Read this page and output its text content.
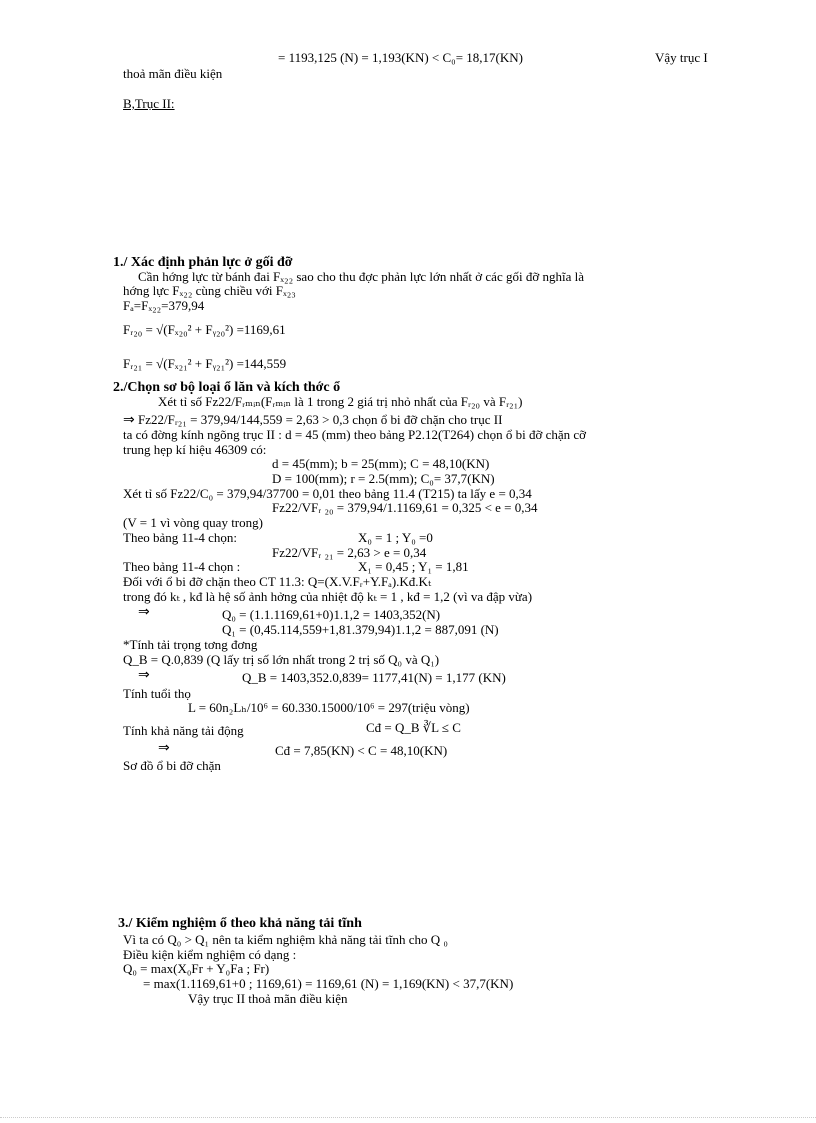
= 1193,125 (N) = 1,193(KN) < C₀= 18,17(KN)	Vậy trục I
thoả mãn điều kiện
B,Trục II:
1./ Xác định phản lực ở gối đỡ
Cần hớng lực từ bánh đai Fₓ₂₂ sao cho thu đợc phản lực lớn nhất ở các gối đỡ nghĩa là
hớng lực Fₓ₂₂ cùng chiều với Fₓ₂₃
Fₐ=Fₓ₂₂=379,94
Fᵣ₂₀ = √(Fₓ₂₀² + Fᵧ₂₀²) =1169,61
Fᵣ₂₁ = √(Fₓ₂₁² + Fᵧ₂₁²) =144,559
2./Chọn sơ bộ loại ổ lăn và kích thớc ổ
Xét tỉ số Fz22/Fᵣₘᵢₙ(Fᵣₘᵢₙ là 1 trong 2 giá trị nhỏ nhất của Fᵣ₂₀ và Fᵣ₂₁)
⇒ Fz22/Fᵣ₂₁ = 379,94/144,559 = 2,63 > 0,3 chọn ổ bi đỡ chặn cho trục II
ta có đờng kính ngõng trục II : d = 45 (mm) theo bảng P2.12(T264) chọn ổ bi đỡ chặn cỡ
trung hẹp kí hiệu 46309 có:
d = 45(mm); b = 25(mm); C = 48,10(KN)
D = 100(mm); r = 2.5(mm); C₀= 37,7(KN)
Xét tỉ số Fz22/C₀ = 379,94/37700 = 0,01 theo bảng 11.4 (T215) ta lấy e = 0,34
Fz22/VFᵣ ₂₀ = 379,94/1.1169,61 = 0,325 < e = 0,34
(V = 1 vì vòng quay trong)
Theo bảng 11-4 chọn:	X₀ = 1 ; Y₀ =0
Fz22/VFᵣ ₂₁ = 2,63 > e = 0,34
Theo bảng 11-4 chọn :	X₁ = 0,45 ; Y₁ = 1,81
Đối với ổ bi đỡ chặn theo CT 11.3: Q=(X.V.Fᵣ+Y.Fₐ).Kđ.Kₜ
trong đó kₜ , kđ là hệ số ảnh hởng của nhiệt độ kₜ = 1 , kđ = 1,2 (vì va đập vừa)
⇒	Q₀ = (1.1.1169,61+0)1.1,2 = 1403,352(N)
Q₁ = (0,45.114,559+1,81.379,94)1.1,2 = 887,091 (N)
*Tính tải trọng tơng đơng
Q_B = Q.0,839 (Q lấy trị số lớn nhất trong 2 trị số Q₀ và Q₁)
⇒	Q_B = 1403,352.0,839= 1177,41(N) = 1,177 (KN)
Tính tuổi thọ
L = 60n₂Lₕ/10⁶ = 60.330.15000/10⁶ = 297(triệu vòng)
Tính khả năng tải động	Cđ = Q_B ∛L ≤ C
⇒	Cđ = 7,85(KN) < C = 48,10(KN)
Sơ đồ ổ bi đỡ chặn
3./ Kiểm nghiệm ổ theo khả năng tải tĩnh
Vì ta có Q₀ > Q₁ nên ta kiểm nghiệm khả năng tải tĩnh cho Q ₀
Điều kiện kiểm nghiệm có dạng :
Q₀ = max(X₀Fr + Y₀Fa ; Fr)
= max(1.1169,61+0 ; 1169,61) = 1169,61 (N) = 1,169(KN) < 37,7(KN)
Vậy trục II thoả mãn điều kiện
